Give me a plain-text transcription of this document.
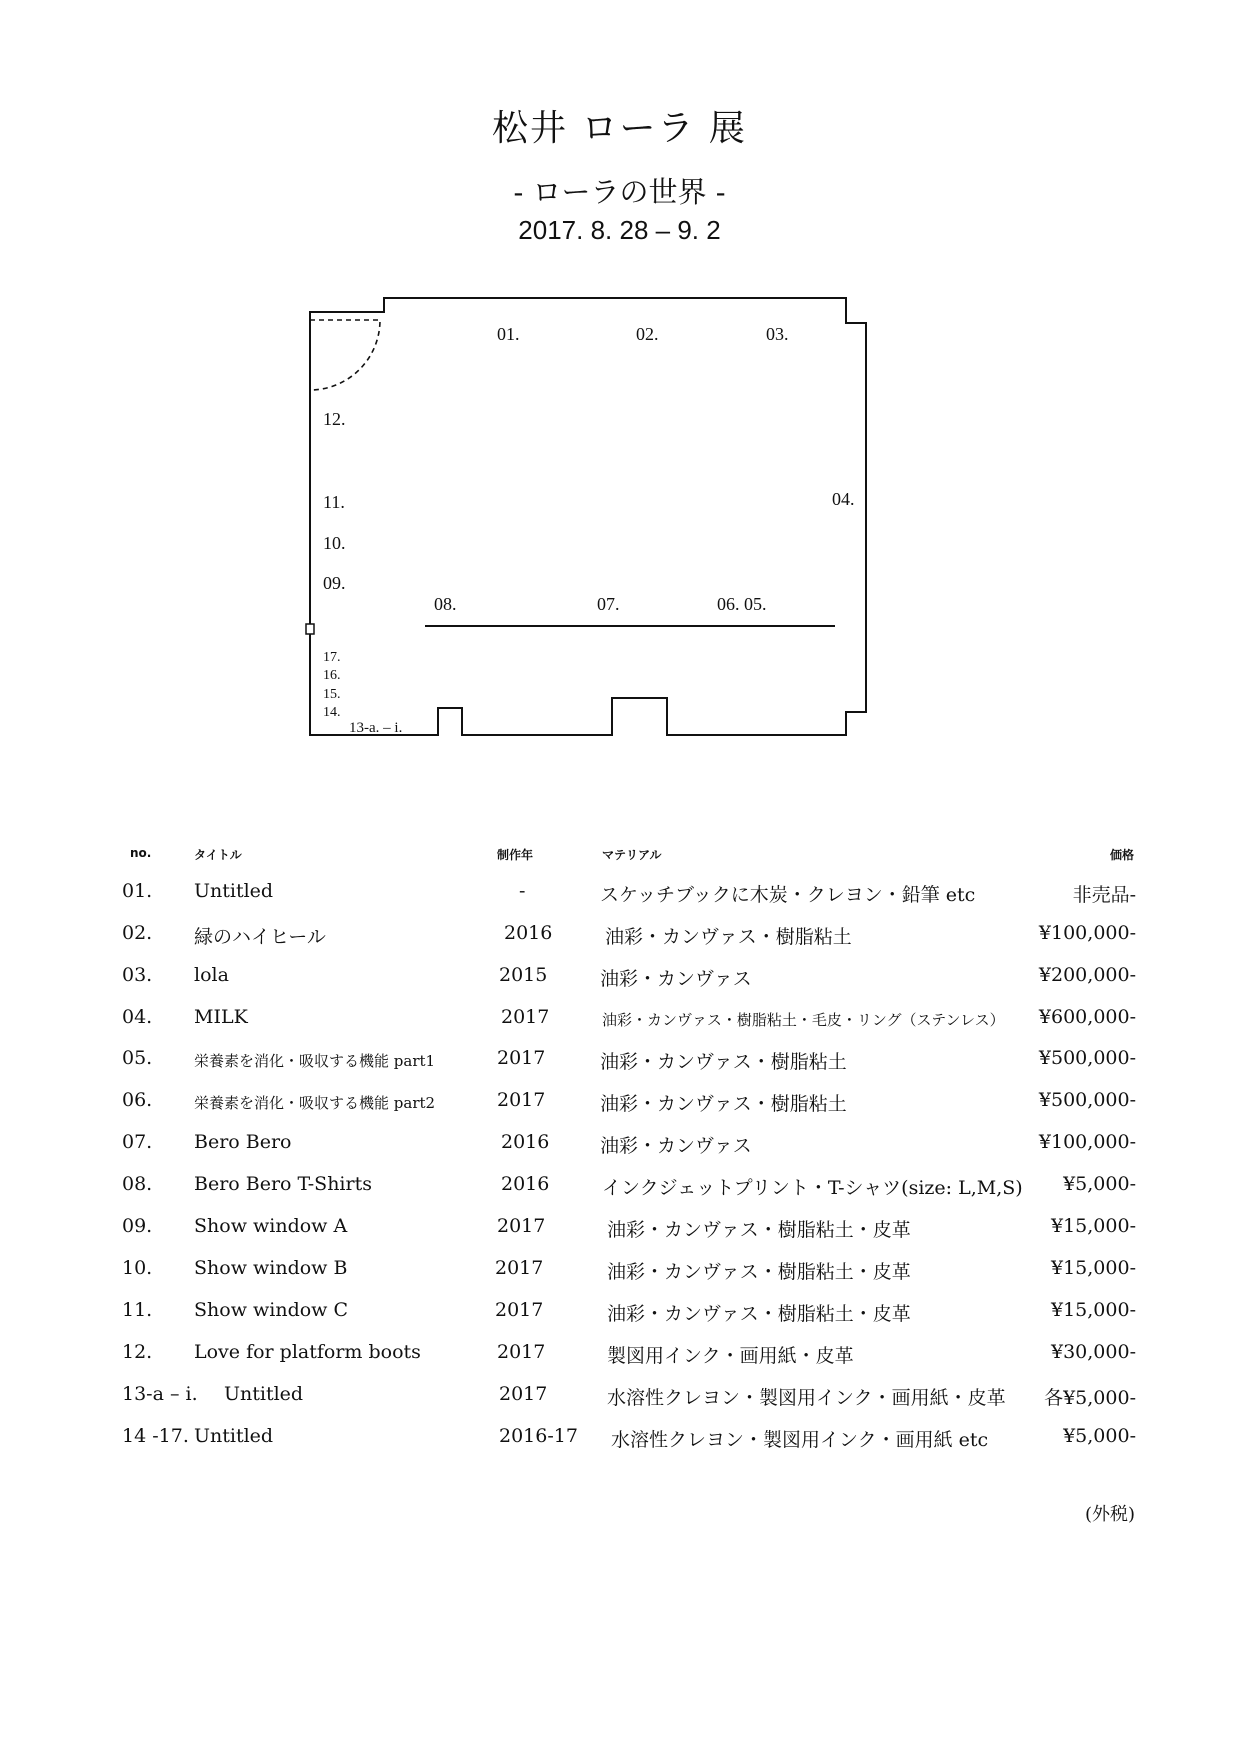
松井 ローラ 展
- ローラの世界 -
2017. 8. 28 – 9. 2
01.	02.	03.
04.
06. 05.
07.
08.
09.
10.
11.
12.
13-a. – i.
14.
15.
16.
17.
no.	タイトル	制作年	マテリアル	価格
01. Untitled	-	スケッチブックに木炭・クレヨン・鉛筆 etc	非売品-
02. 緑のハイヒール	2016	油彩・カンヴァス・樹脂粘土	¥100,000-
03. lola	2015	油彩・カンヴァス	¥200,000-
04. MILK	2017	油彩・カンヴァス・樹脂粘土・毛皮・リング（ステンレス）	¥600,000-
05.	栄養素を消化・吸収する機能 part1	2017	油彩・カンヴァス・樹脂粘土	¥500,000-
06.	栄養素を消化・吸収する機能 part2	2017	油彩・カンヴァス・樹脂粘土	¥500,000-
07. Bero Bero	2016	油彩・カンヴァス	¥100,000-
08. Bero Bero T-Shirts	2016	インクジェットプリント・T-シャツ(size: L,M,S)	¥5,000-
09. Show window A	2017	油彩・カンヴァス・樹脂粘土・皮革	¥15,000-
10. Show window B	2017	油彩・カンヴァス・樹脂粘土・皮革	¥15,000-
11. Show window C	2017	油彩・カンヴァス・樹脂粘土・皮革	¥15,000-
12. Love for platform boots	2017	製図用インク・画用紙・皮革	¥30,000-
13-a – i. Untitled	2017	水溶性クレヨン・製図用インク・画用紙・皮革	各¥5,000-
14 -17. Untitled	2016-17 水溶性クレヨン・製図用インク・画用紙 etc	¥5,000-
(外税)
